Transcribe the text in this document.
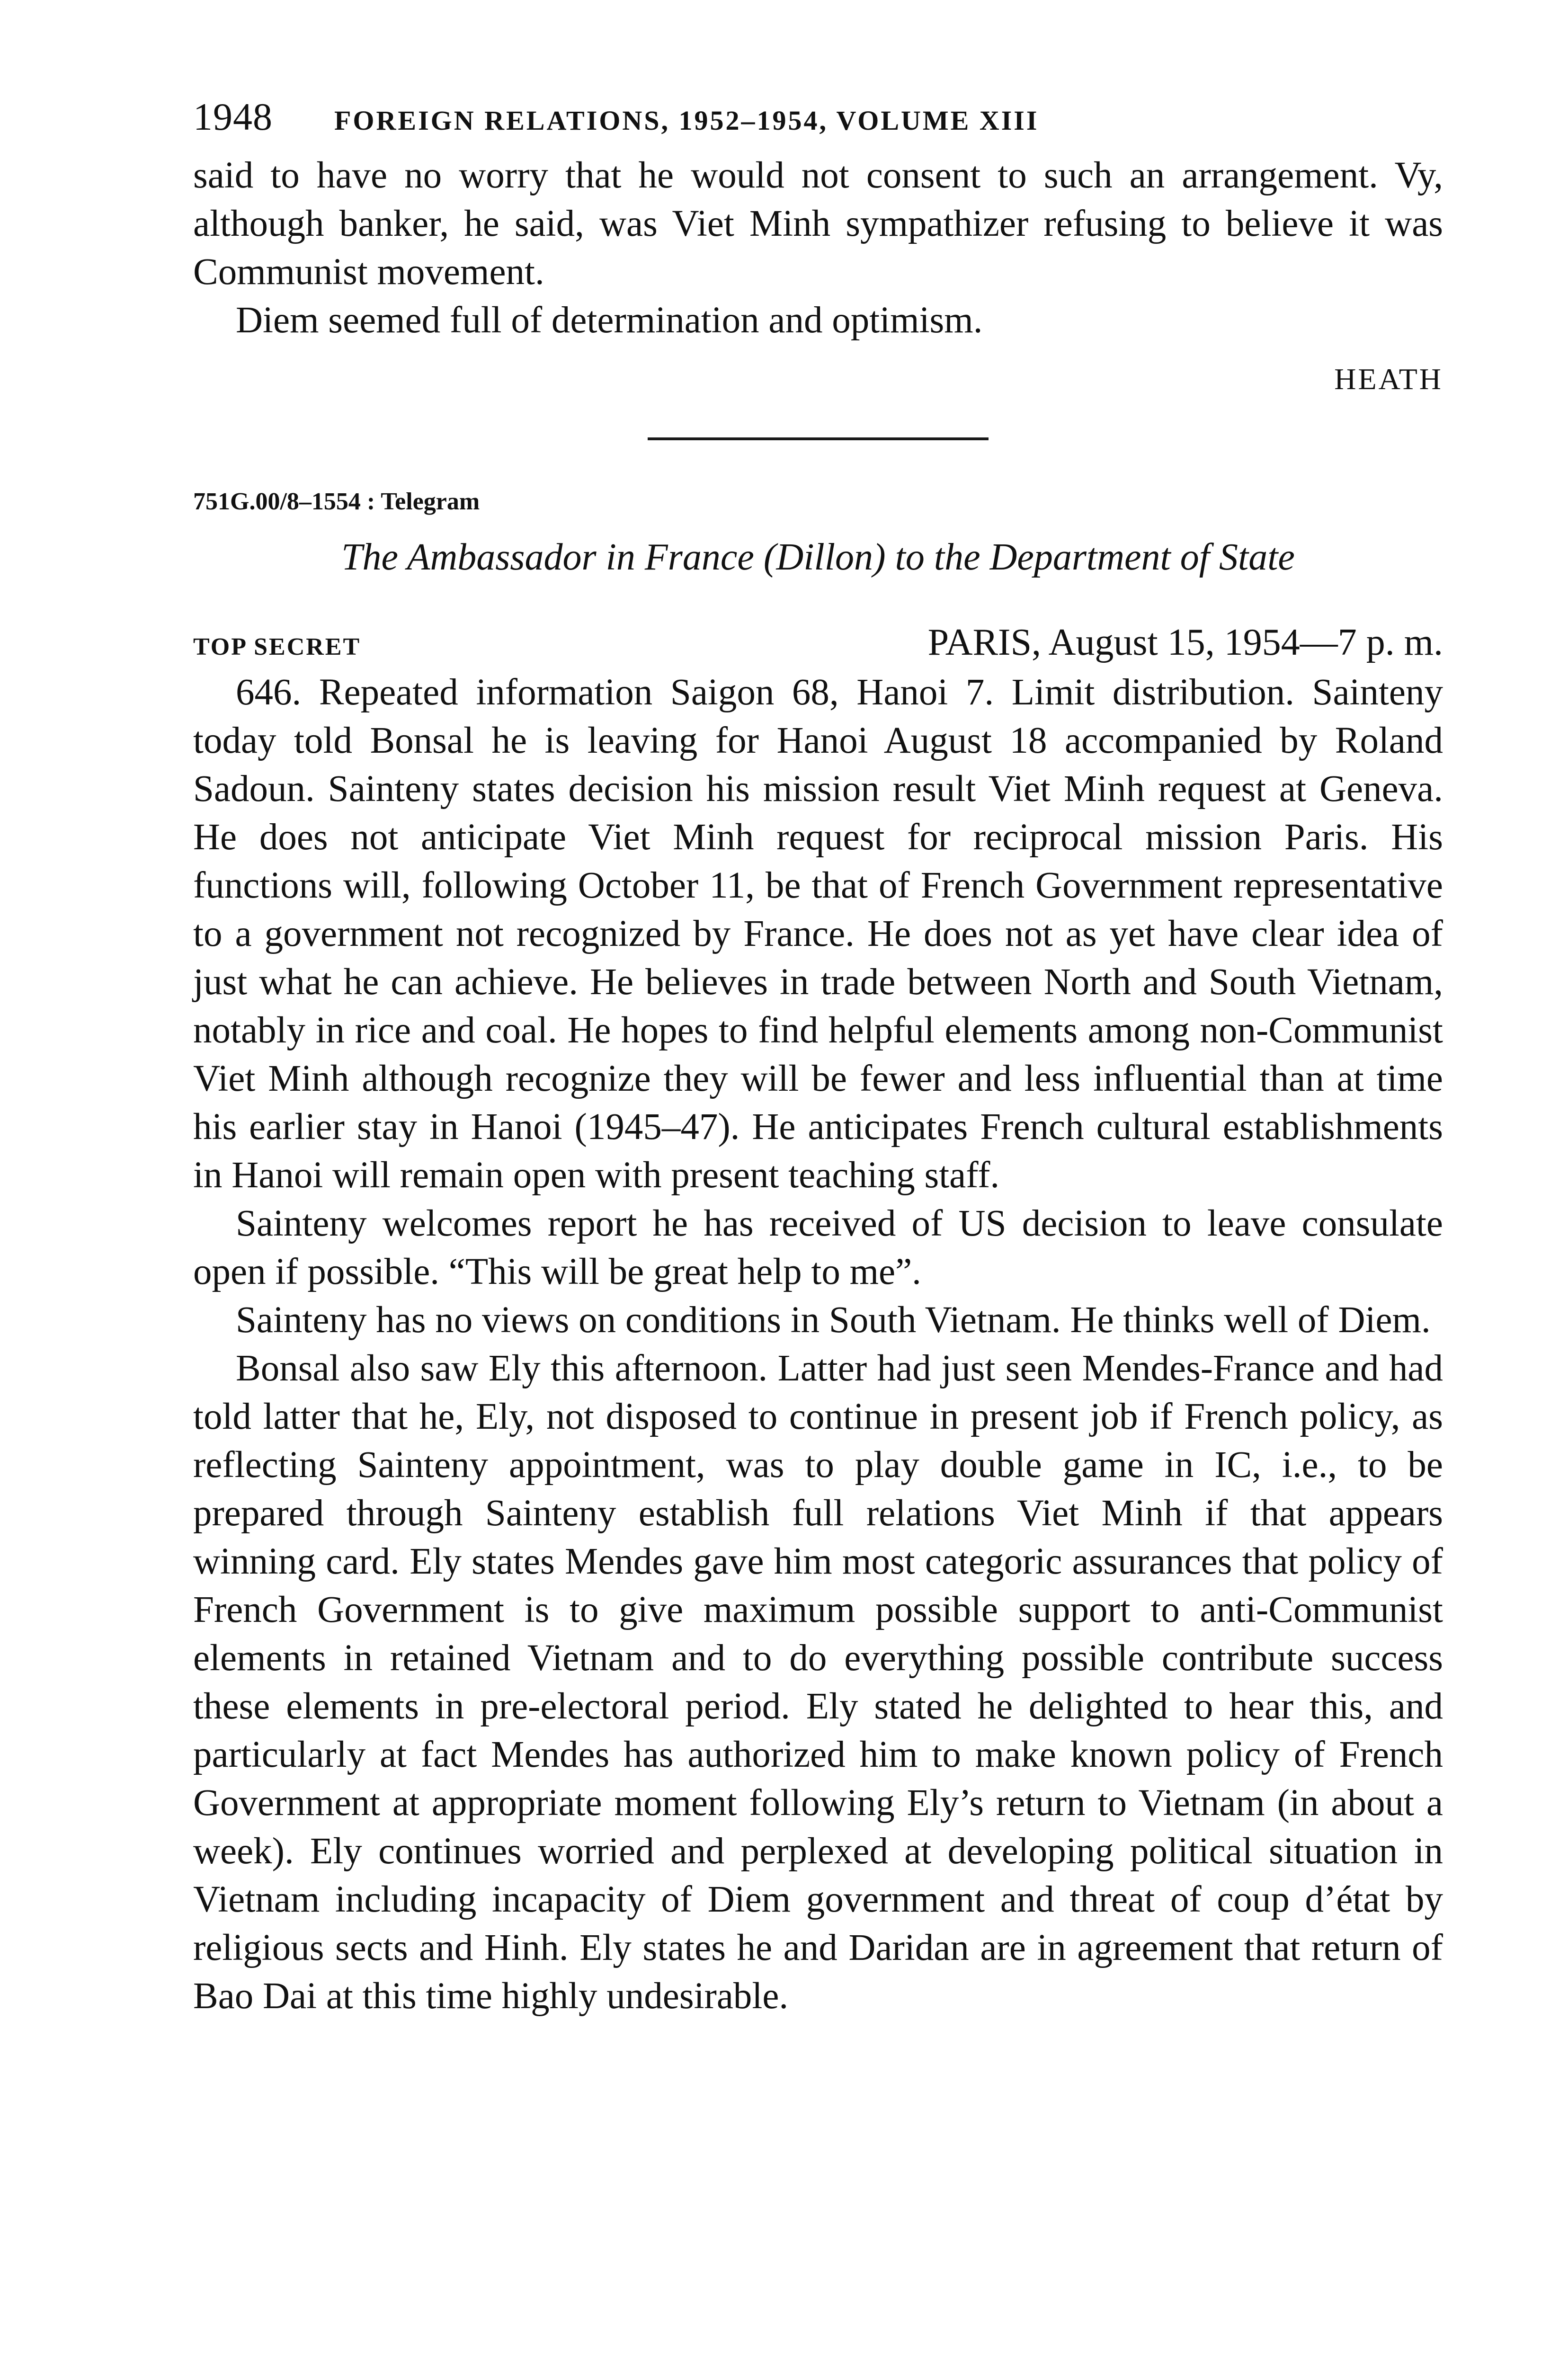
1948 FOREIGN RELATIONS, 1952–1954, VOLUME XIII

said to have no worry that he would not consent to such an arrangement. Vy, although banker, he said, was Viet Minh sympathizer refusing to believe it was Communist movement.

Diem seemed full of determination and optimism.

HEATH
751G.00/8–1554 : Telegram
The Ambassador in France (Dillon) to the Department of State
TOP SECRET	PARIS, August 15, 1954—7 p. m.

646. Repeated information Saigon 68, Hanoi 7. Limit distribution. Sainteny today told Bonsal he is leaving for Hanoi August 18 accompanied by Roland Sadoun. Sainteny states decision his mission result Viet Minh request at Geneva. He does not anticipate Viet Minh request for reciprocal mission Paris. His functions will, following October 11, be that of French Government representative to a government not recognized by France. He does not as yet have clear idea of just what he can achieve. He believes in trade between North and South Vietnam, notably in rice and coal. He hopes to find helpful elements among non-Communist Viet Minh although recognize they will be fewer and less influential than at time his earlier stay in Hanoi (1945–47). He anticipates French cultural establishments in Hanoi will remain open with present teaching staff.

Sainteny welcomes report he has received of US decision to leave consulate open if possible. “This will be great help to me”.

Sainteny has no views on conditions in South Vietnam. He thinks well of Diem.

Bonsal also saw Ely this afternoon. Latter had just seen Mendes-France and had told latter that he, Ely, not disposed to continue in present job if French policy, as reflecting Sainteny appointment, was to play double game in IC, i.e., to be prepared through Sainteny establish full relations Viet Minh if that appears winning card. Ely states Mendes gave him most categoric assurances that policy of French Government is to give maximum possible support to anti-Communist elements in retained Vietnam and to do everything possible contribute success these elements in pre-electoral period. Ely stated he delighted to hear this, and particularly at fact Mendes has authorized him to make known policy of French Government at appropriate moment following Ely’s return to Vietnam (in about a week). Ely continues worried and perplexed at developing political situation in Vietnam including incapacity of Diem government and threat of coup d’état by religious sects and Hinh. Ely states he and Daridan are in agreement that return of Bao Dai at this time highly undesirable.
